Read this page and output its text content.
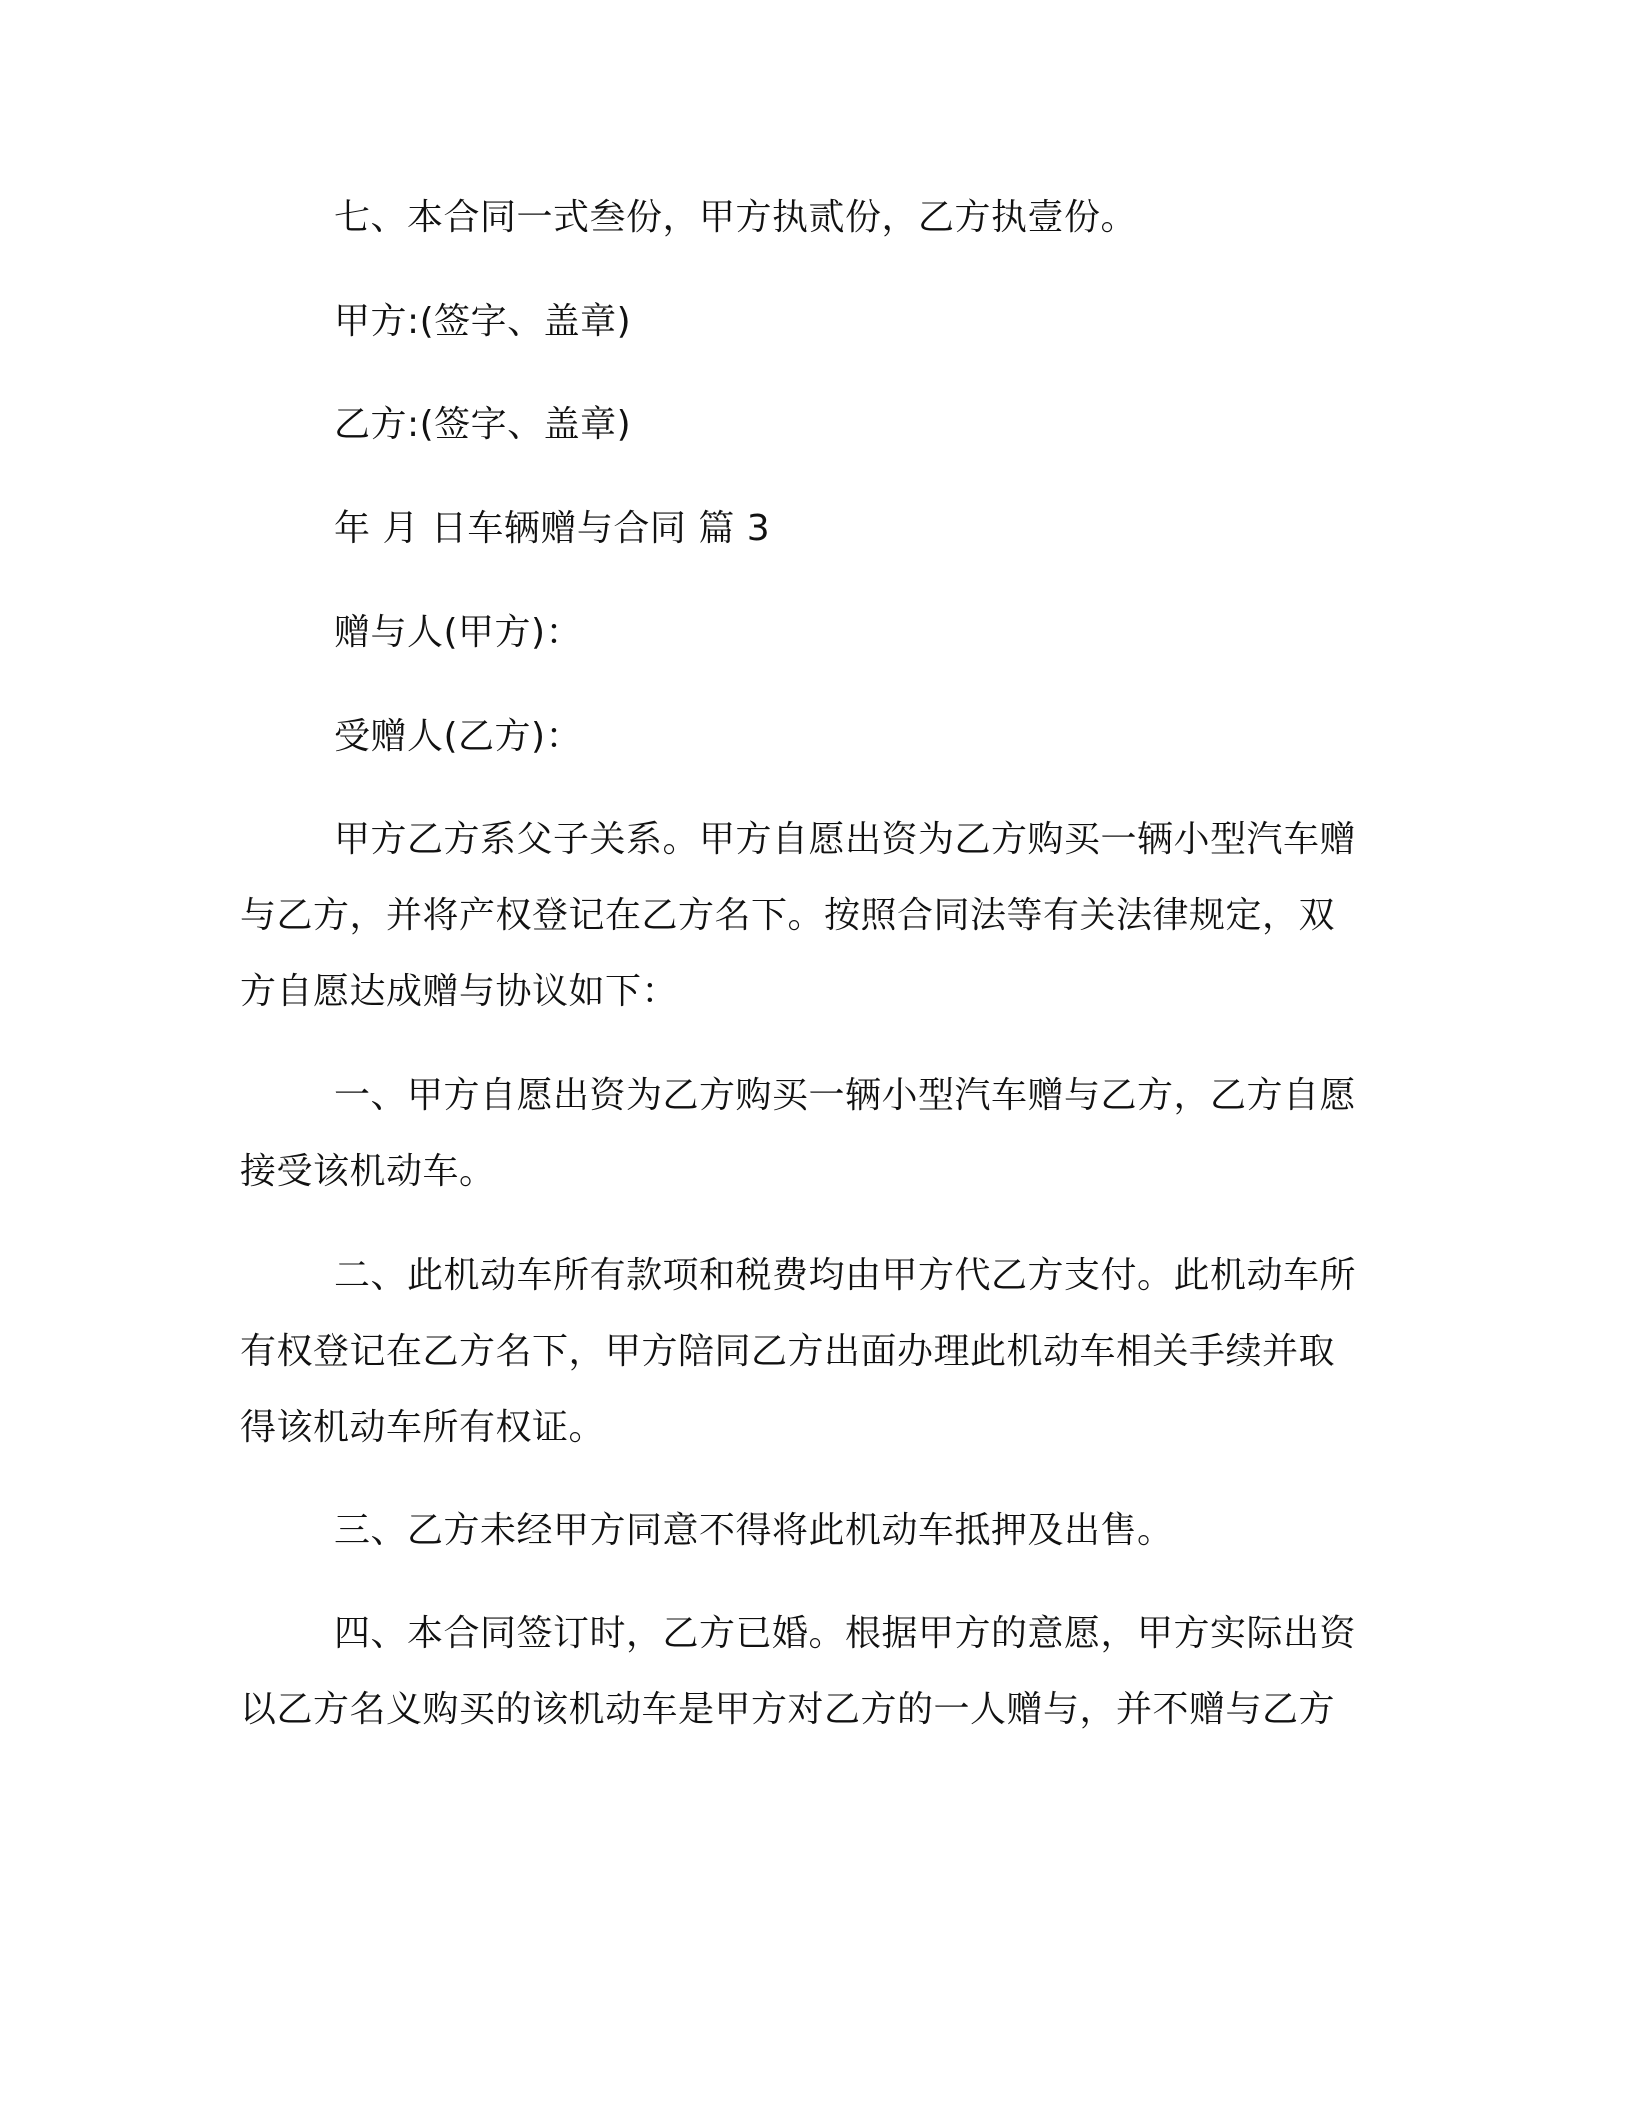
七、本合同一式叁份，甲方执贰份，乙方执壹份。
甲方:(签字、盖章)
乙方:(签字、盖章)
年 月 日车辆赠与合同 篇 3
赠与人(甲方)：
受赠人(乙方)：
甲方乙方系父子关系。甲方自愿出资为乙方购买一辆小型汽车赠
与乙方，并将产权登记在乙方名下。按照合同法等有关法律规定，双
方自愿达成赠与协议如下：
一、甲方自愿出资为乙方购买一辆小型汽车赠与乙方，乙方自愿
接受该机动车。
二、此机动车所有款项和税费均由甲方代乙方支付。此机动车所
有权登记在乙方名下，甲方陪同乙方出面办理此机动车相关手续并取
得该机动车所有权证。
三、乙方未经甲方同意不得将此机动车抵押及出售。
四、本合同签订时，乙方已婚。根据甲方的意愿，甲方实际出资
以乙方名义购买的该机动车是甲方对乙方的一人赠与，并不赠与乙方
